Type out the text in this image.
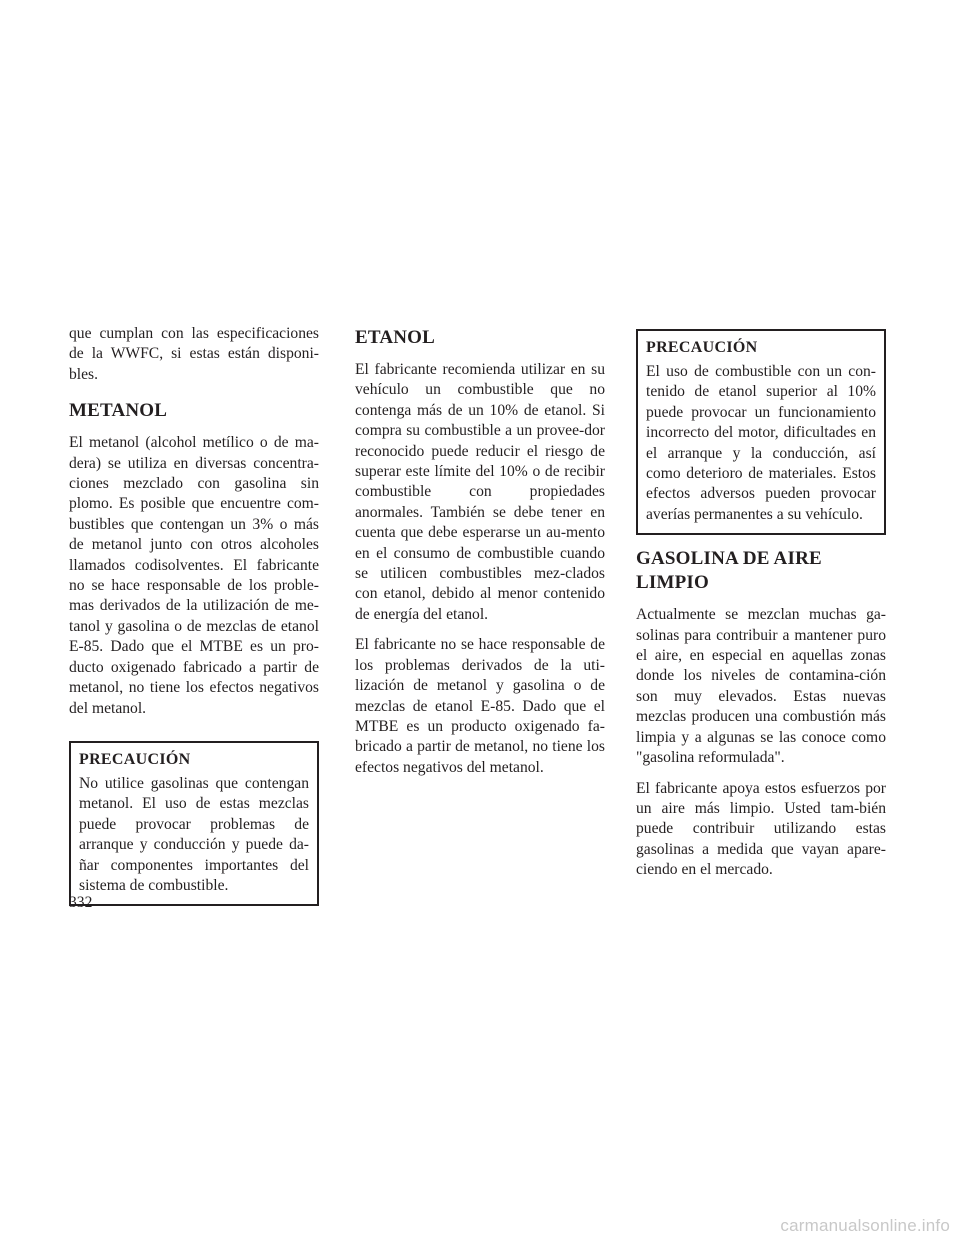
que cumplan con las especificaciones de la WWFC, si estas están disponi-bles.

METANOL

El metanol (alcohol metílico o de ma-dera) se utiliza en diversas concentra-ciones mezclado con gasolina sin plomo. Es posible que encuentre com-bustibles que contengan un 3% o más de metanol junto con otros alcoholes llamados codisolventes. El fabricante no se hace responsable de los proble-mas derivados de la utilización de me-tanol y gasolina o de mezclas de etanol E-85. Dado que el MTBE es un pro-ducto oxigenado fabricado a partir de metanol, no tiene los efectos negativos del metanol.

PRECAUCIÓN

No utilice gasolinas que contengan metanol. El uso de estas mezclas puede provocar problemas de arranque y conducción y puede da-ñar componentes importantes del sistema de combustible.

ETANOL

El fabricante recomienda utilizar en su vehículo un combustible que no contenga más de un 10% de etanol. Si compra su combustible a un provee-dor reconocido puede reducir el riesgo de superar este límite del 10% o de recibir combustible con propiedades anormales. También se debe tener en cuenta que debe esperarse un au-mento en el consumo de combustible cuando se utilicen combustibles mez-clados con etanol, debido al menor contenido de energía del etanol.

El fabricante no se hace responsable de los problemas derivados de la uti-lización de metanol y gasolina o de mezclas de etanol E-85. Dado que el MTBE es un producto oxigenado fa-bricado a partir de metanol, no tiene los efectos negativos del metanol.

PRECAUCIÓN

El uso de combustible con un con-tenido de etanol superior al 10% puede provocar un funcionamiento incorrecto del motor, dificultades en el arranque y la conducción, así como deterioro de materiales. Estos efectos adversos pueden provocar averías permanentes a su vehículo.

GASOLINA DE AIRE LIMPIO

Actualmente se mezclan muchas ga-solinas para contribuir a mantener puro el aire, en especial en aquellas zonas donde los niveles de contamina-ción son muy elevados. Estas nuevas mezclas producen una combustión más limpia y a algunas se las conoce como "gasolina reformulada".

El fabricante apoya estos esfuerzos por un aire más limpio. Usted tam-bién puede contribuir utilizando estas gasolinas a medida que vayan apare-ciendo en el mercado.

332
carmanualsonline.info
